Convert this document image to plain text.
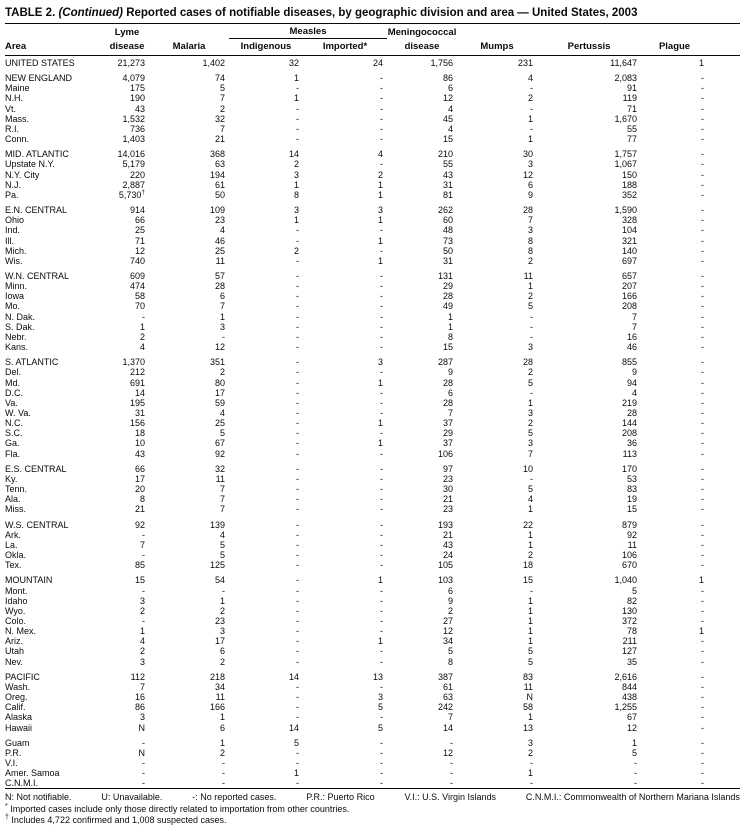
TABLE 2. (Continued) Reported cases of notifiable diseases, by geographic division and area — United States, 2003
	Lyme		Measles		Meningococcal				
Area	disease	Malaria	Indigenous	Imported*	disease	Mumps	Pertussis	Plague	
UNITED STATES	21,273	1,402	32	24	1,756	231	11,647	1	

NEW ENGLAND	4,079	74	1	-	86	4	2,083	-	
Maine	175	5	-	-	6	-	91	-	
N.H.	190	7	1	-	12	2	119	-	
Vt.	43	2	-	-	4	-	71	-	
Mass.	1,532	32	-	-	45	1	1,670	-	
R.I.	736	7	-	-	4	-	55	-	
Conn.	1,403	21	-	-	15	1	77	-	

MID. ATLANTIC	14,016	368	14	4	210	30	1,757	-	
Upstate N.Y.	5,179	63	2	-	55	3	1,067	-	
N.Y. City	220	194	3	2	43	12	150	-	
N.J.	2,887	61	1	1	31	6	188	-	
Pa.	5,730†	50	8	1	81	9	352	-	

E.N. CENTRAL	914	109	3	3	262	28	1,590	-	
Ohio	66	23	1	1	60	7	328	-	
Ind.	25	4	-	-	48	3	104	-	
Ill.	71	46	-	1	73	8	321	-	
Mich.	12	25	2	-	50	8	140	-	
Wis.	740	11	-	1	31	2	697	-	

W.N. CENTRAL	609	57	-	-	131	11	657	-	
Minn.	474	28	-	-	29	1	207	-	
Iowa	58	6	-	-	28	2	166	-	
Mo.	70	7	-	-	49	5	208	-	
N. Dak.	-	1	-	-	1	-	7	-	
S. Dak.	1	3	-	-	1	-	7	-	
Nebr.	2	-	-	-	8	-	16	-	
Kans.	4	12	-	-	15	3	46	-	

S. ATLANTIC	1,370	351	-	3	287	28	855	-	
Del.	212	2	-	-	9	2	9	-	
Md.	691	80	-	1	28	5	94	-	
D.C.	14	17	-	-	6	-	4	-	
Va.	195	59	-	-	28	1	219	-	
W. Va.	31	4	-	-	7	3	28	-	
N.C.	156	25	-	1	37	2	144	-	
S.C.	18	5	-	-	29	5	208	-	
Ga.	10	67	-	1	37	3	36	-	
Fla.	43	92	-	-	106	7	113	-	

E.S. CENTRAL	66	32	-	-	97	10	170	-	
Ky.	17	11	-	-	23	-	53	-	
Tenn.	20	7	-	-	30	5	83	-	
Ala.	8	7	-	-	21	4	19	-	
Miss.	21	7	-	-	23	1	15	-	

W.S. CENTRAL	92	139	-	-	193	22	879	-	
Ark.	-	4	-	-	21	1	92	-	
La.	7	5	-	-	43	1	11	-	
Okla.	-	5	-	-	24	2	106	-	
Tex.	85	125	-	-	105	18	670	-	

MOUNTAIN	15	54	-	1	103	15	1,040	1	
Mont.	-	-	-	-	6	-	5	-	
Idaho	3	1	-	-	9	1	82	-	
Wyo.	2	2	-	-	2	1	130	-	
Colo.	-	23	-	-	27	1	372	-	
N. Mex.	1	3	-	-	12	1	78	1	
Ariz.	4	17	-	1	34	1	211	-	
Utah	2	6	-	-	5	5	127	-	
Nev.	3	2	-	-	8	5	35	-	

PACIFIC	112	218	14	13	387	83	2,616	-	
Wash.	7	34	-	-	61	11	844	-	
Oreg.	16	11	-	3	63	N	438	-	
Calif.	86	166	-	5	242	58	1,255	-	
Alaska	3	1	-	-	7	1	67	-	
Hawaii	N	6	14	5	14	13	12	-	

Guam	-	1	5	-	-	3	1	-	
P.R.	N	2	-	-	12	2	5	-	
V.I.	-	-	-	-	-	-	-	-	
Amer. Samoa	-	-	1	-	-	1	-	-	
C.N.M.I.	-	-	-	-	-	-	-	-	
N: Not notifiable.	U: Unavailable.	-: No reported cases.	P.R.: Puerto Rico	V.I.: U.S. Virgin Islands	C.N.M.I.: Commonwealth of Northern Mariana Islands
* Imported cases include only those directly related to importation from other countries.
† Includes 4,722 confirmed and 1,008 suspected cases.
